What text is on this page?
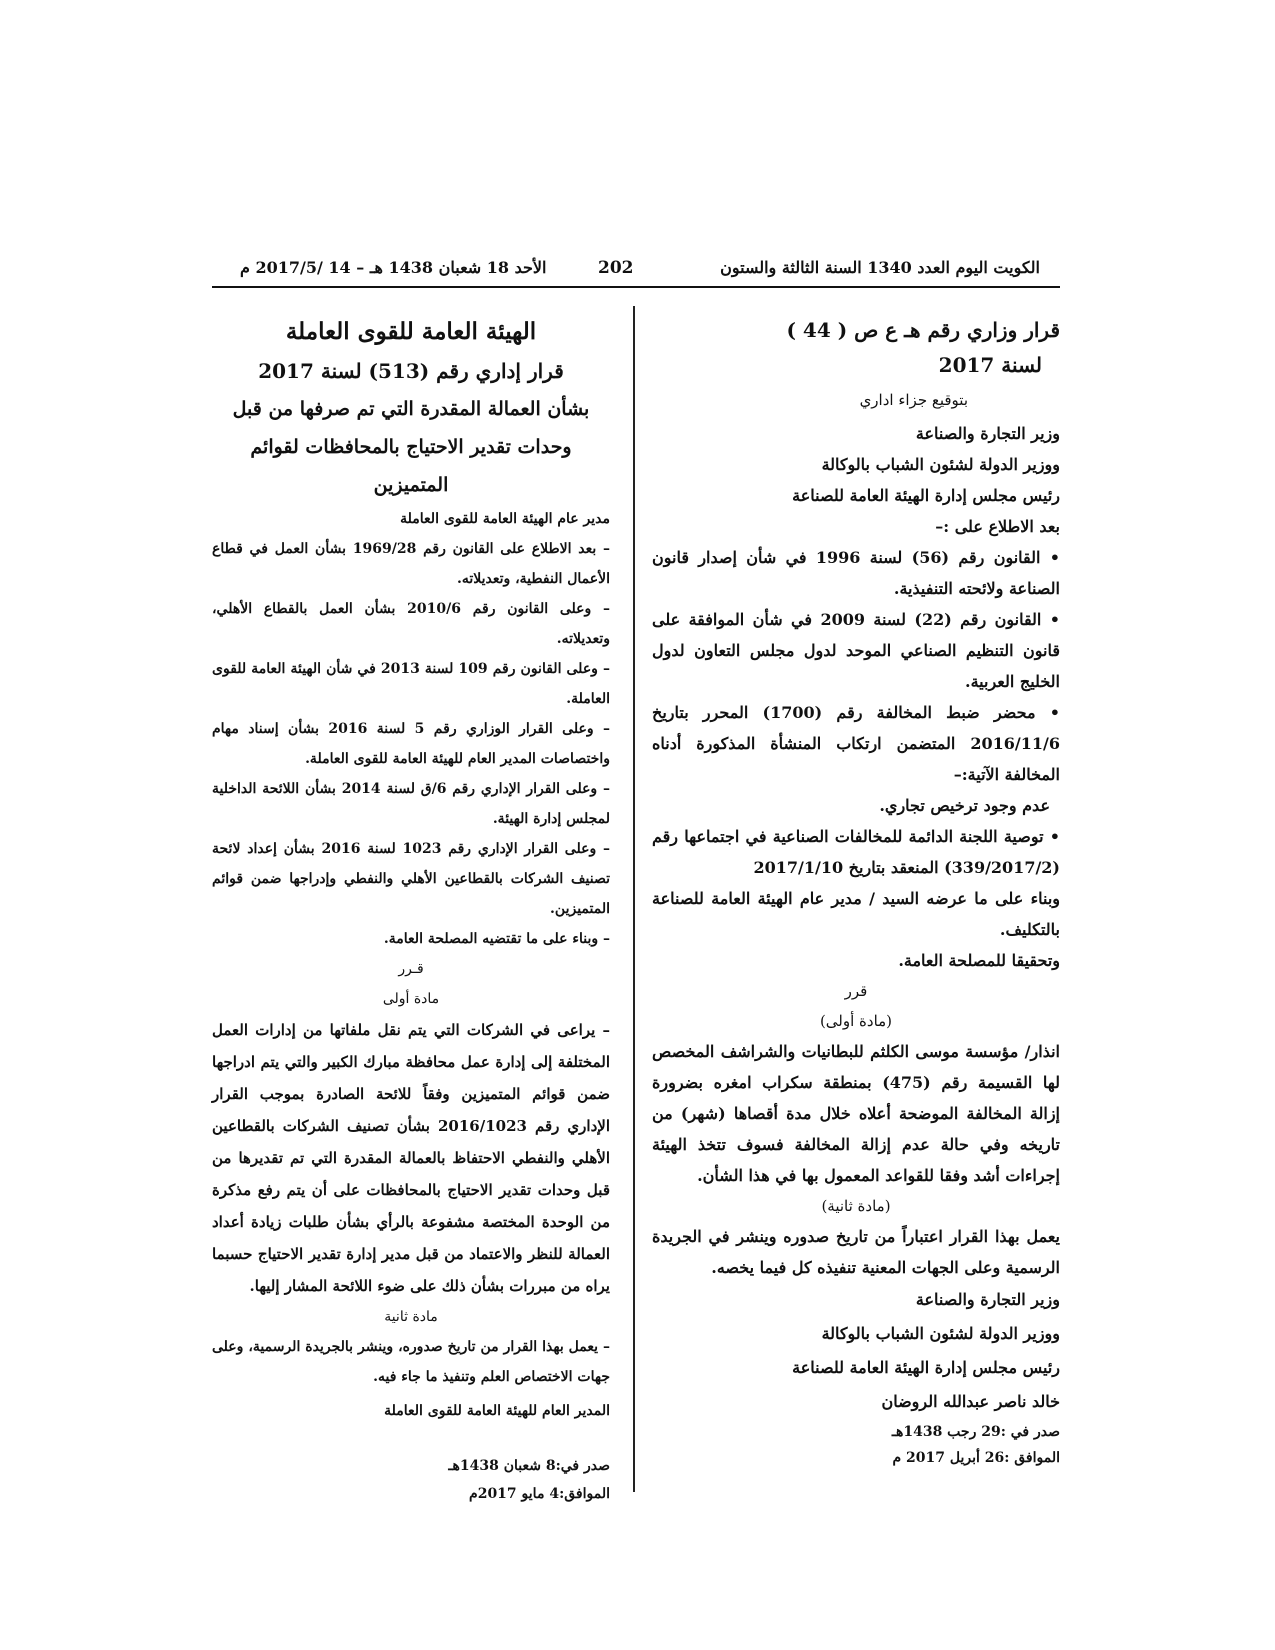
الكويت اليوم العدد 1340 السنة الثالثة والستون
202
الأحد 18 شعبان 1438 هـ – 14 /2017/5 م

قرار وزاري رقم هـ ع ص ( 44 )

لسنة 2017

بتوقيع جزاء اداري

وزير التجارة والصناعة

ووزير الدولة لشئون الشباب بالوكالة

رئيس مجلس إدارة الهيئة العامة للصناعة

بعد الاطلاع على :–

• القانون رقم (56) لسنة 1996 في شأن إصدار قانون الصناعة ولائحته التنفيذية.

• القانون رقم (22) لسنة 2009 في شأن الموافقة على قانون التنظيم الصناعي الموحد لدول مجلس التعاون لدول الخليج العربية.

• محضر ضبط المخالفة رقم (1700) المحرر بتاريخ 2016/11/6 المتضمن ارتكاب المنشأة المذكورة أدناه المخالفة الآتية:–

عدم وجود ترخيص تجاري.

• توصية اللجنة الدائمة للمخالفات الصناعية في اجتماعها رقم (339/2017/2) المنعقد بتاريخ 2017/1/10

وبناء على ما عرضه السيد / مدير عام الهيئة العامة للصناعة بالتكليف.

وتحقيقا للمصلحة العامة.

قرر

(مادة أولى)

انذار/ مؤسسة موسى الكلثم للبطانيات والشراشف المخصص لها القسيمة رقم (475) بمنطقة سكراب امغره بضرورة إزالة المخالفة الموضحة أعلاه خلال مدة أقصاها (شهر) من تاريخه وفي حالة عدم إزالة المخالفة فسوف تتخذ الهيئة إجراءات أشد وفقا للقواعد المعمول بها في هذا الشأن.

(مادة ثانية)

يعمل بهذا القرار اعتباراً من تاريخ صدوره وينشر في الجريدة الرسمية وعلى الجهات المعنية تنفيذه كل فيما يخصه.

وزير التجارة والصناعة

ووزير الدولة لشئون الشباب بالوكالة

رئيس مجلس إدارة الهيئة العامة للصناعة

خالد ناصر عبدالله الروضان

صدر في :29 رجب 1438هـ

الموافق :26 أبريل 2017 م

الهيئة العامة للقوى العاملة

قرار إداري رقم (513) لسنة 2017

بشأن العمالة المقدرة التي تم صرفها من قبل

وحدات تقدير الاحتياج بالمحافظات لقوائم

المتميزين

مدير عام الهيئة العامة للقوى العاملة

– بعد الاطلاع على القانون رقم 1969/28 بشأن العمل في قطاع الأعمال النفطية، وتعديلاته.

– وعلى القانون رقم 2010/6 بشأن العمل بالقطاع الأهلي، وتعديلاته.

– وعلى القانون رقم 109 لسنة 2013 في شأن الهيئة العامة للقوى العاملة.

– وعلى القرار الوزاري رقم 5 لسنة 2016 بشأن إسناد مهام واختصاصات المدير العام للهيئة العامة للقوى العاملة.

– وعلى القرار الإداري رقم 6/ق لسنة 2014 بشأن اللائحة الداخلية لمجلس إدارة الهيئة.

– وعلى القرار الإداري رقم 1023 لسنة 2016 بشأن إعداد لائحة تصنيف الشركات بالقطاعين الأهلي والنفطي وإدراجها ضمن قوائم المتميزين.

– وبناء على ما تقتضيه المصلحة العامة.

قـرر

مادة أولى

– يراعى في الشركات التي يتم نقل ملفاتها من إدارات العمل المختلفة إلى إدارة عمل محافظة مبارك الكبير والتي يتم ادراجها ضمن قوائم المتميزين وفقاً للائحة الصادرة بموجب القرار الإداري رقم 2016/1023 بشأن تصنيف الشركات بالقطاعين الأهلي والنفطي الاحتفاظ بالعمالة المقدرة التي تم تقديرها من قبل وحدات تقدير الاحتياج بالمحافظات على أن يتم رفع مذكرة من الوحدة المختصة مشفوعة بالرأي بشأن طلبات زيادة أعداد العمالة للنظر والاعتماد من قبل مدير إدارة تقدير الاحتياج حسبما يراه من مبررات بشأن ذلك على ضوء اللائحة المشار إليها.

مادة ثانية

– يعمل بهذا القرار من تاريخ صدوره، وينشر بالجريدة الرسمية، وعلى جهات الاختصاص العلم وتنفيذ ما جاء فيه.

المدير العام للهيئة العامة للقوى العاملة

صدر في:8 شعبان 1438هـ

الموافق:4 مايو 2017م
